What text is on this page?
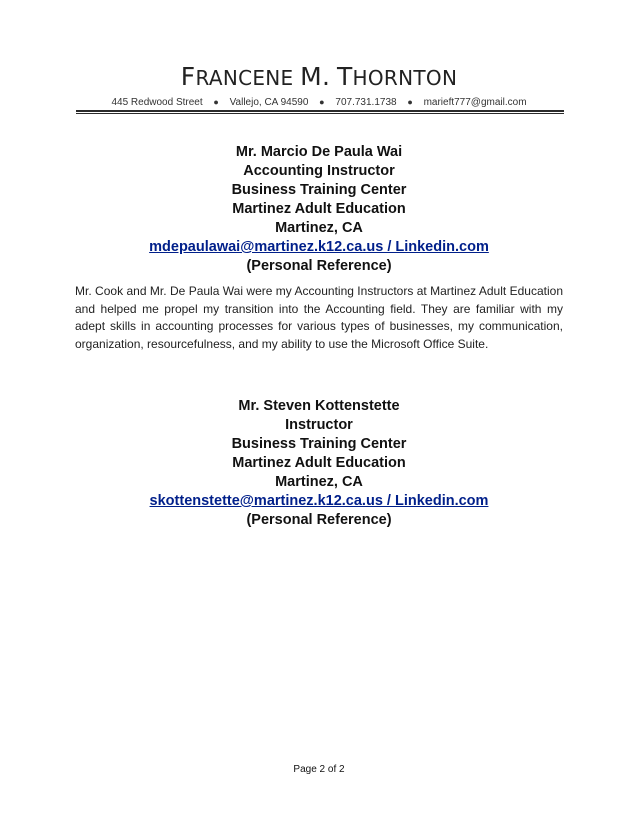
FRANCENE M. THORNTON
445 Redwood Street ● Vallejo, CA 94590 ● 707.731.1738 ● marieft777@gmail.com
Mr. Marcio De Paula Wai
Accounting Instructor
Business Training Center
Martinez Adult Education
Martinez, CA
mdepaulawai@martinez.k12.ca.us / Linkedin.com
(Personal Reference)
Mr. Cook and Mr. De Paula Wai were my Accounting Instructors at Martinez Adult Education and helped me propel my transition into the Accounting field. They are familiar with my adept skills in accounting processes for various types of businesses, my communication, organization, resourcefulness, and my ability to use the Microsoft Office Suite.
Mr. Steven Kottenstette
Instructor
Business Training Center
Martinez Adult Education
Martinez, CA
skottenstette@martinez.k12.ca.us / Linkedin.com
(Personal Reference)
Page 2 of 2
